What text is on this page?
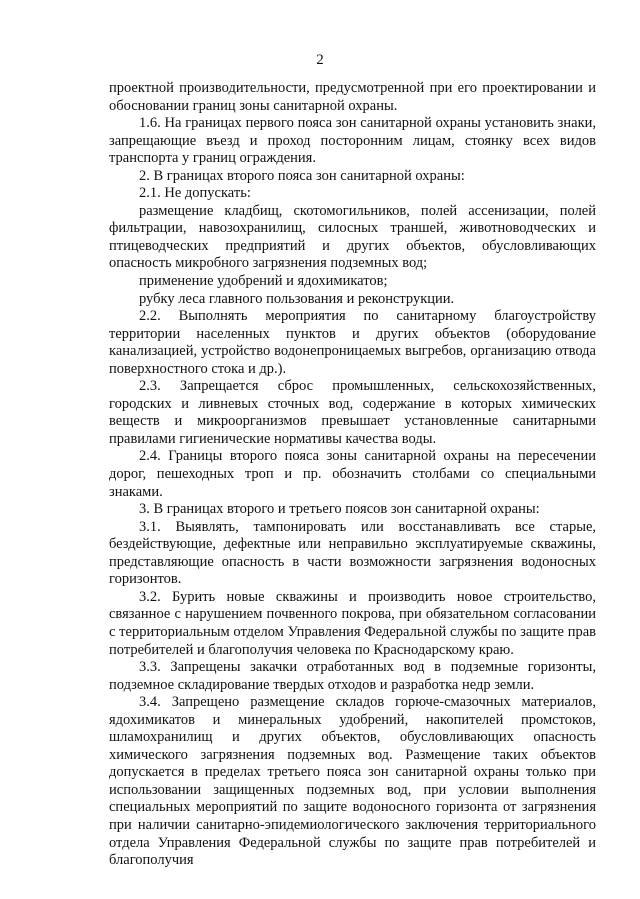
2

проектной производительности, предусмотренной при его проектировании и обосновании границ зоны санитарной охраны.

1.6. На границах первого пояса зон санитарной охраны установить знаки, запрещающие въезд и проход посторонним лицам, стоянку всех видов транспорта у границ ограждения.

2. В границах второго пояса зон санитарной охраны:

2.1. Не допускать:

размещение кладбищ, скотомогильников, полей ассенизации, полей фильтрации, навозохранилищ, силосных траншей, животноводческих и птицеводческих предприятий и других объектов, обусловливающих опасность микробного загрязнения подземных вод;

применение удобрений и ядохимикатов;

рубку леса главного пользования и реконструкции.

2.2. Выполнять мероприятия по санитарному благоустройству территории населенных пунктов и других объектов (оборудование канализацией, устройство водонепроницаемых выгребов, организацию отвода поверхностного стока и др.).

2.3. Запрещается сброс промышленных, сельскохозяйственных, городских и ливневых сточных вод, содержание в которых химических веществ и микроорганизмов превышает установленные санитарными правилами гигиенические нормативы качества воды.

2.4. Границы второго пояса зоны санитарной охраны на пересечении дорог, пешеходных троп и пр. обозначить столбами со специальными знаками.

3. В границах второго и третьего поясов зон санитарной охраны:

3.1. Выявлять, тампонировать или восстанавливать все старые, бездействующие, дефектные или неправильно эксплуатируемые скважины, представляющие опасность в части возможности загрязнения водоносных горизонтов.

3.2. Бурить новые скважины и производить новое строительство, связанное с нарушением почвенного покрова, при обязательном согласовании с территориальным отделом Управления Федеральной службы по защите прав потребителей и благополучия человека по Краснодарскому краю.

3.3. Запрещены закачки отработанных вод в подземные горизонты, подземное складирование твердых отходов и разработка недр земли.

3.4. Запрещено размещение складов горюче-смазочных материалов, ядохимикатов и минеральных удобрений, накопителей промстоков, шламохранилищ и других объектов, обусловливающих опасность химического загрязнения подземных вод. Размещение таких объектов допускается в пределах третьего пояса зон санитарной охраны только при использовании защищенных подземных вод, при условии выполнения специальных мероприятий по защите водоносного горизонта от загрязнения при наличии санитарно-эпидемиологического заключения территориального отдела Управления Федеральной службы по защите прав потребителей и благополучия
